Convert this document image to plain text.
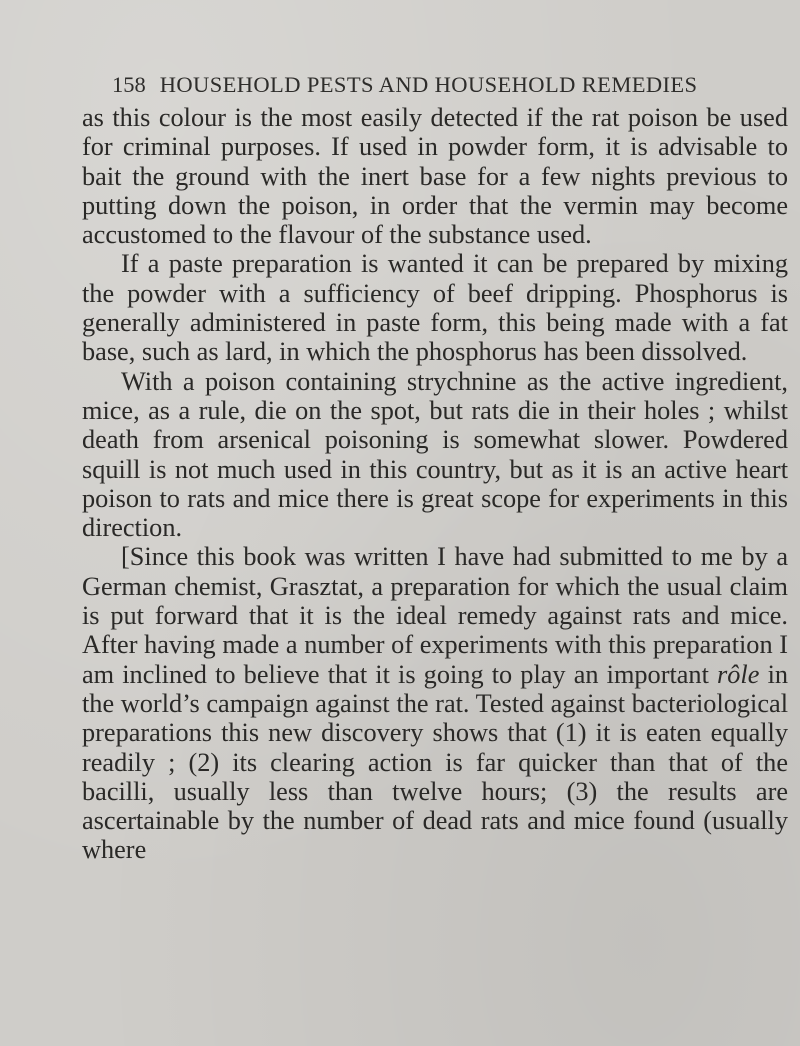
158 HOUSEHOLD PESTS AND HOUSEHOLD REMEDIES

as this colour is the most easily detected if the rat poison be used for criminal purposes. If used in powder form, it is advisable to bait the ground with the inert base for a few nights previous to putting down the poison, in order that the vermin may become accustomed to the flavour of the substance used.

If a paste preparation is wanted it can be prepared by mixing the powder with a sufficiency of beef dripping. Phosphorus is generally administered in paste form, this being made with a fat base, such as lard, in which the phosphorus has been dissolved.

With a poison containing strychnine as the active ingredient, mice, as a rule, die on the spot, but rats die in their holes ; whilst death from arsenical poisoning is somewhat slower. Powdered squill is not much used in this country, but as it is an active heart poison to rats and mice there is great scope for experiments in this direction.

[Since this book was written I have had submitted to me by a German chemist, Grasztat, a preparation for which the usual claim is put forward that it is the ideal remedy against rats and mice. After having made a number of experiments with this preparation I am inclined to believe that it is going to play an important rôle in the world’s campaign against the rat. Tested against bacteriological preparations this new discovery shows that (1) it is eaten equally readily ; (2) its clearing action is far quicker than that of the bacilli, usually less than twelve hours; (3) the results are ascertainable by the number of dead rats and mice found (usually where
